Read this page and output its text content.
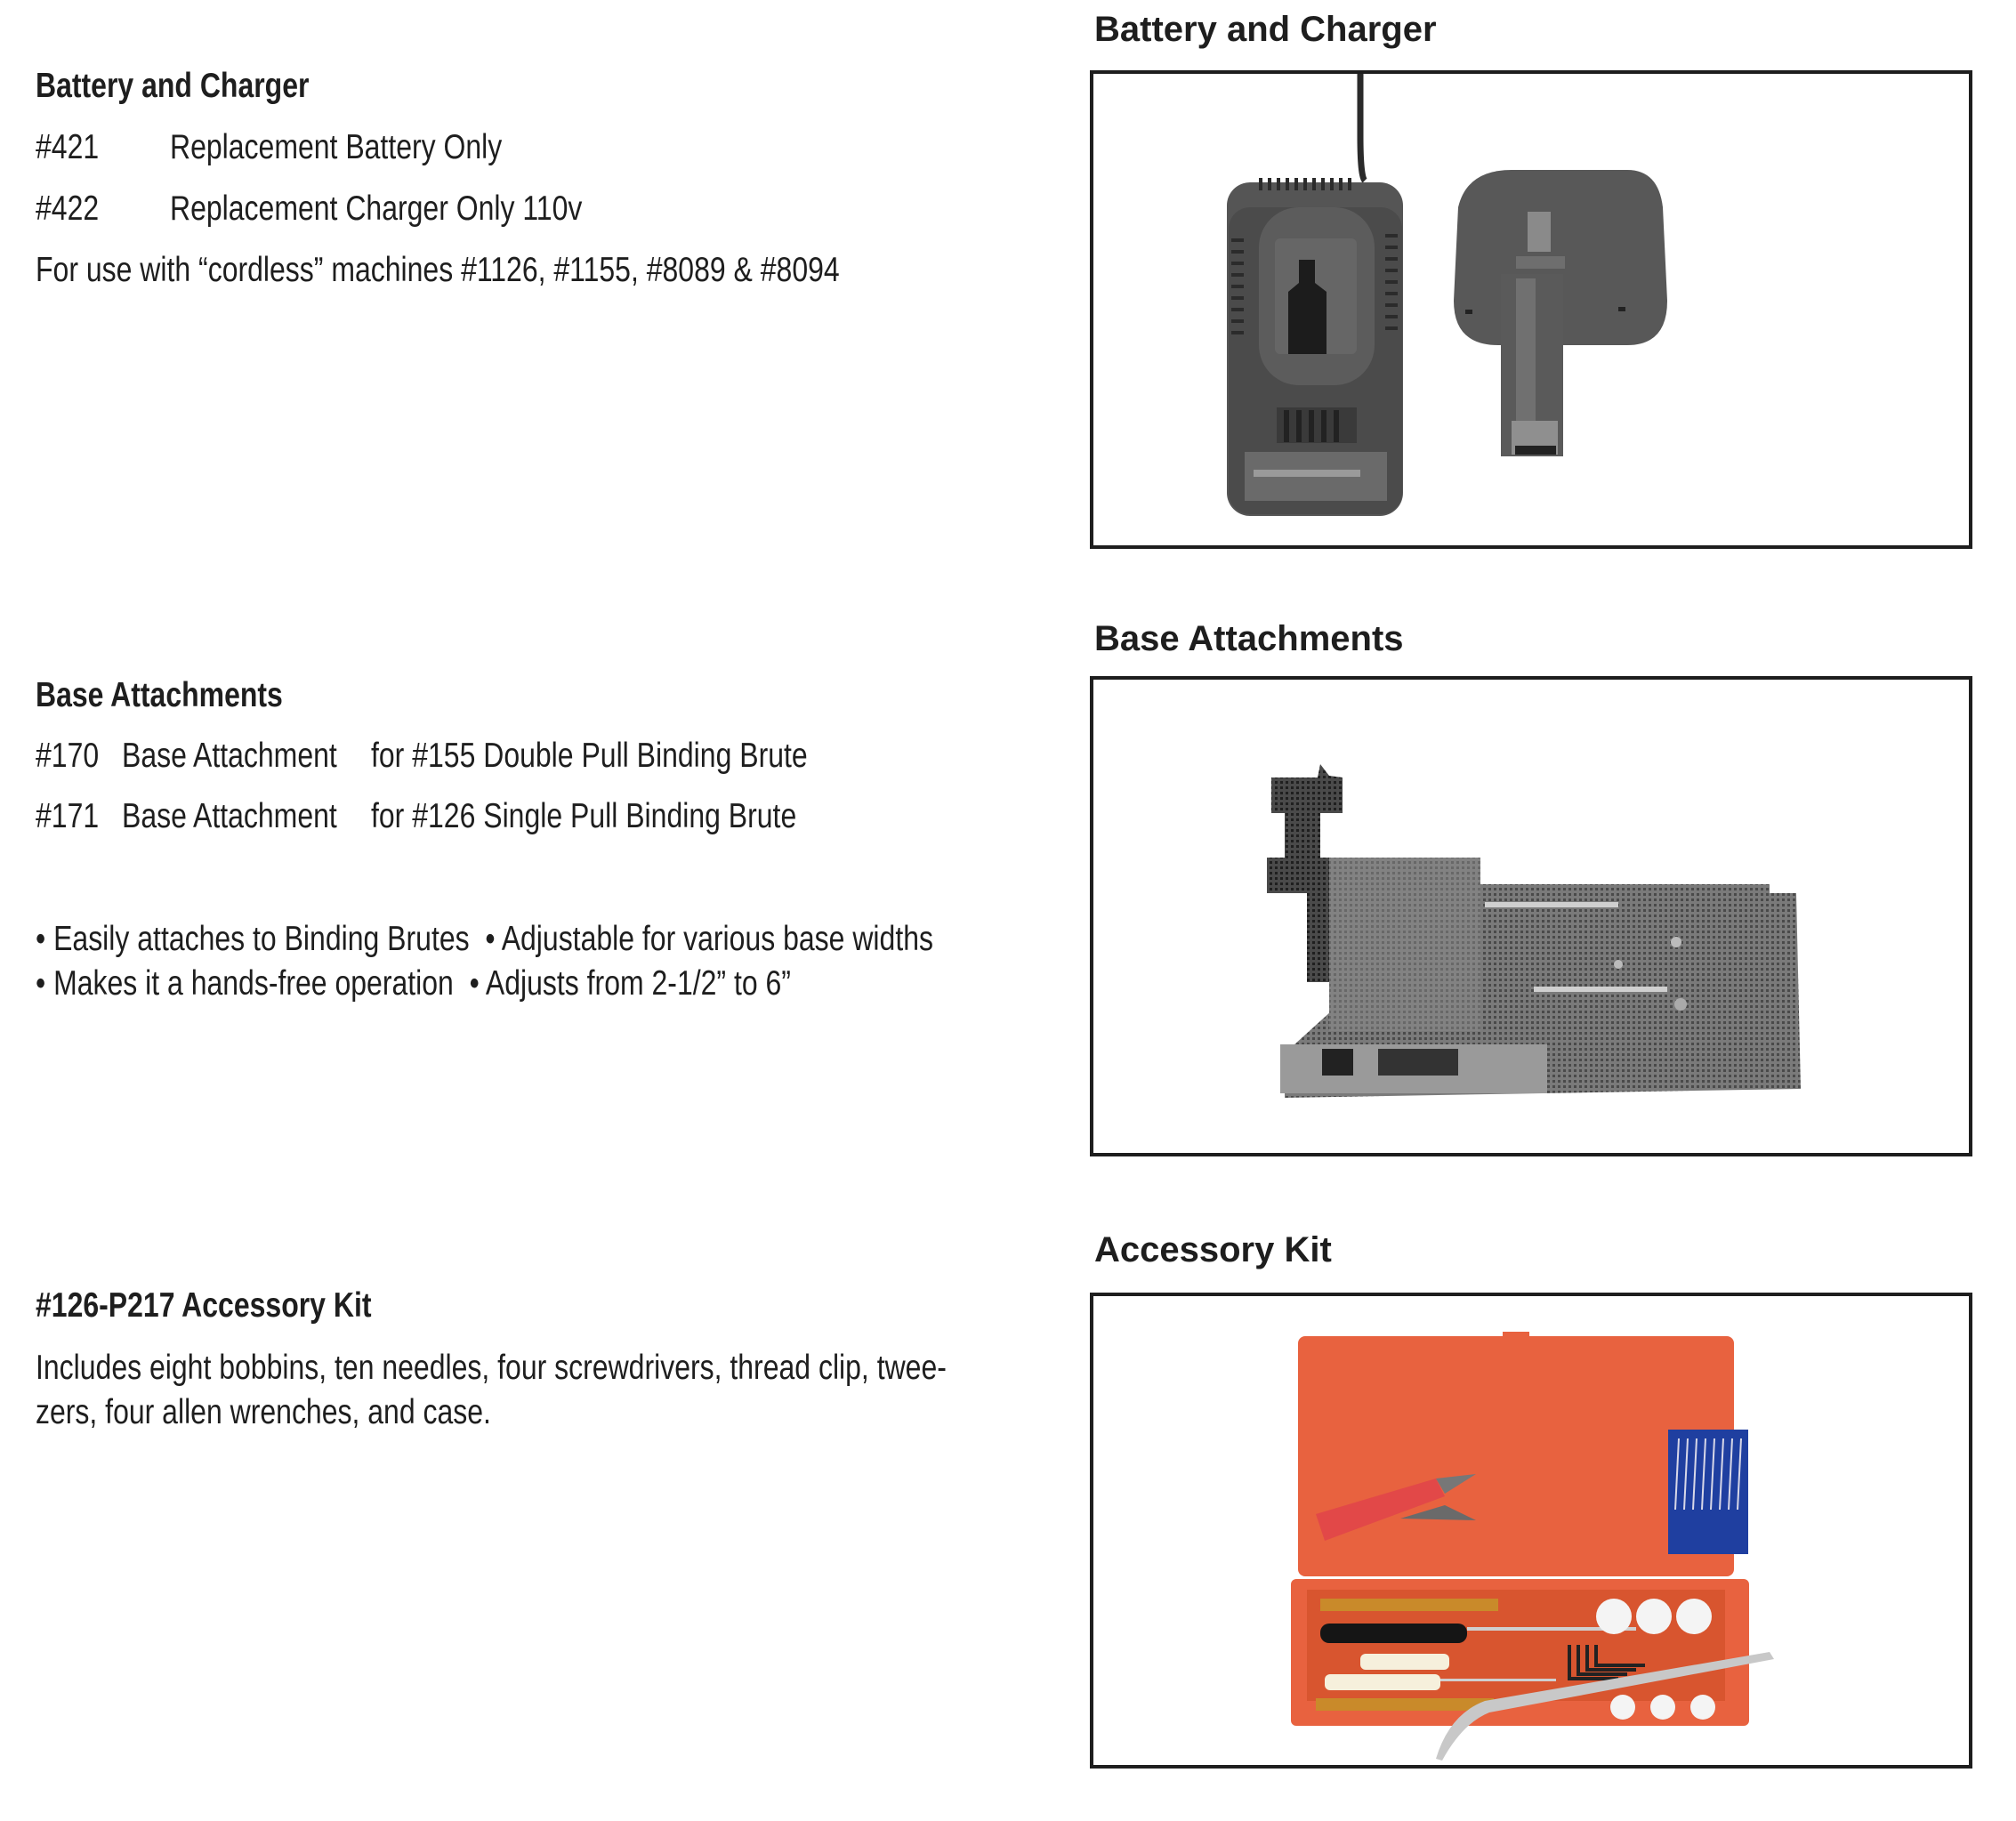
Battery and Charger
#421 Replacement Battery Only
#422 Replacement Charger Only 110v
For use with “cordless” machines #1126, #1155, #8089 & #8094
Base Attachments
#170 Base Attachment for #155 Double Pull Binding Brute
#171 Base Attachment for #126 Single Pull Binding Brute
• Easily attaches to Binding Brutes  • Adjustable for various base widths
• Makes it a hands-free operation  • Adjusts from 2-1/2” to 6”
#126-P217 Accessory Kit
Includes eight bobbins, ten needles, four screwdrivers, thread clip, twee-
zers, four allen wrenches, and case.
Battery and Charger
Base Attachments
Accessory Kit
